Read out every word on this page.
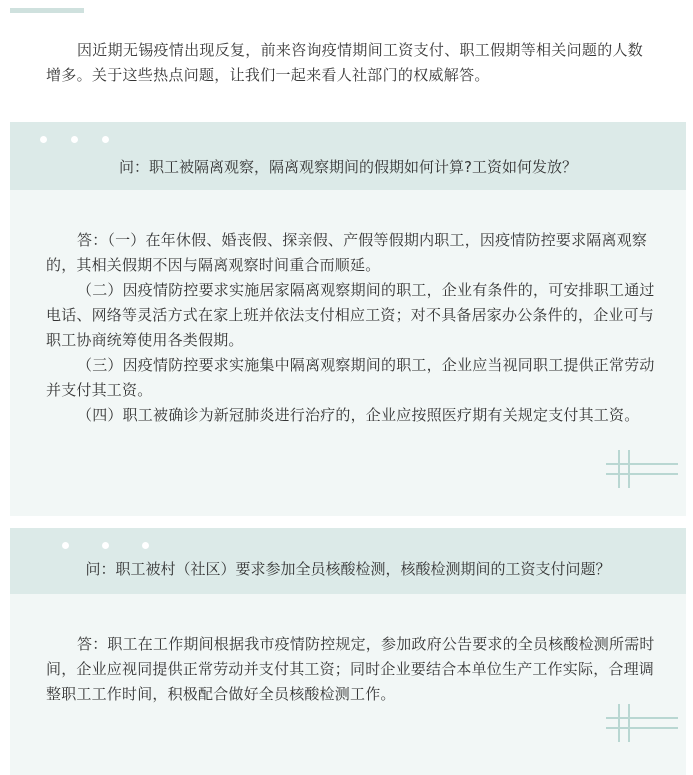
因近期无锡疫情出现反复，前来咨询疫情期间工资支付、职工假期等相关问题的人数增多。关于这些热点问题，让我们一起来看人社部门的权威解答。
问：职工被隔离观察，隔离观察期间的假期如何计算?工资如何发放？

答：（一）在年休假、婚丧假、探亲假、产假等假期内职工，因疫情防控要求隔离观察的，其相关假期不因与隔离观察时间重合而顺延。

（二）因疫情防控要求实施居家隔离观察期间的职工，企业有条件的，可安排职工通过电话、网络等灵活方式在家上班并依法支付相应工资；对不具备居家办公条件的，企业可与职工协商统筹使用各类假期。

（三）因疫情防控要求实施集中隔离观察期间的职工，企业应当视同职工提供正常劳动并支付其工资。

（四）职工被确诊为新冠肺炎进行治疗的，企业应按照医疗期有关规定支付其工资。

问：职工被村（社区）要求参加全员核酸检测，核酸检测期间的工资支付问题？

答：职工在工作期间根据我市疫情防控规定，参加政府公告要求的全员核酸检测所需时间，企业应视同提供正常劳动并支付其工资；同时企业要结合本单位生产工作实际，合理调整职工工作时间，积极配合做好全员核酸检测工作。
